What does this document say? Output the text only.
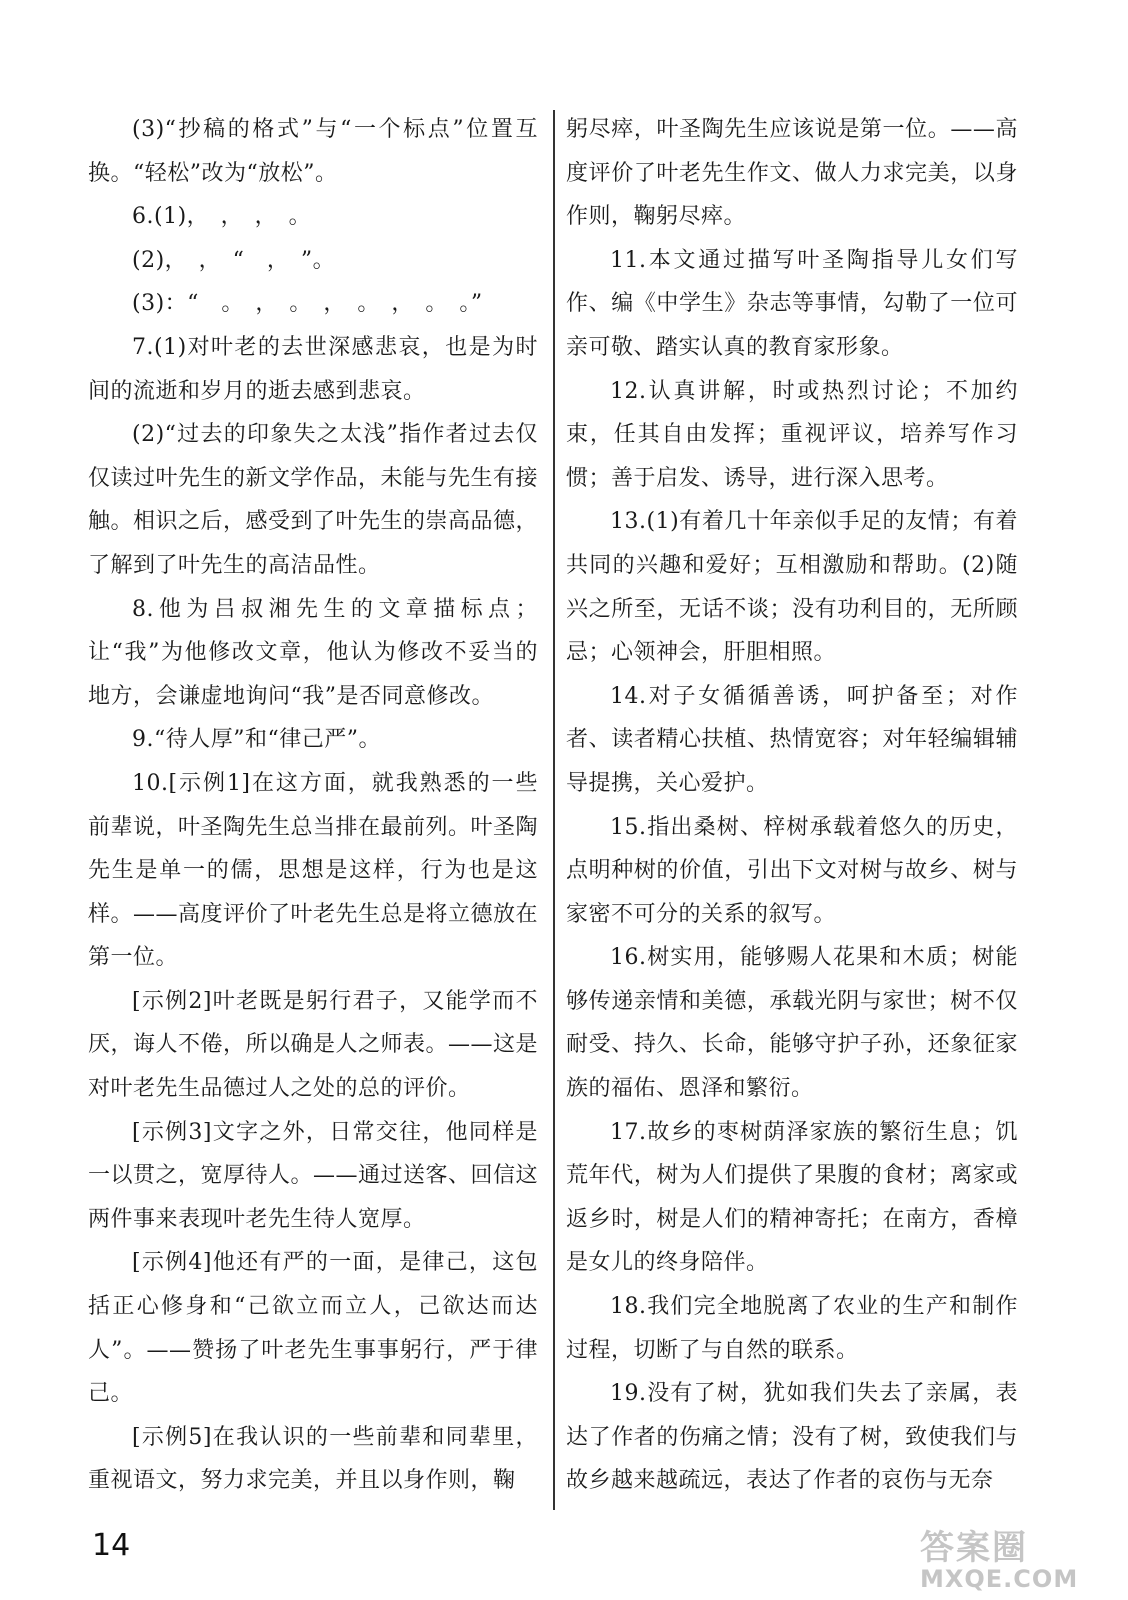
(3)“抄稿的格式”与“一个标点”位置互换。“轻松”改为“放松”。

6.(1)，　，　，　。

(2)，　，　“　，　”。

(3)：“　。　，　。　，　。　，　。　。”

7.(1)对叶老的去世深感悲哀，也是为时间的流逝和岁月的逝去感到悲哀。

(2)“过去的印象失之太浅”指作者过去仅仅读过叶先生的新文学作品，未能与先生有接触。相识之后，感受到了叶先生的崇高品德，了解到了叶先生的高洁品性。

8.他为吕叔湘先生的文章描标点；让“我”为他修改文章，他认为修改不妥当的地方，会谦虚地询问“我”是否同意修改。

9.“待人厚”和“律己严”。

10.[示例1]在这方面，就我熟悉的一些前辈说，叶圣陶先生总当排在最前列。叶圣陶先生是单一的儒，思想是这样，行为也是这样。——高度评价了叶老先生总是将立德放在第一位。

[示例2]叶老既是躬行君子，又能学而不厌，诲人不倦，所以确是人之师表。——这是对叶老先生品德过人之处的总的评价。

[示例3]文字之外，日常交往，他同样是一以贯之，宽厚待人。——通过送客、回信这两件事来表现叶老先生待人宽厚。

[示例4]他还有严的一面，是律己，这包括正心修身和“己欲立而立人，己欲达而达人”。——赞扬了叶老先生事事躬行，严于律己。

[示例5]在我认识的一些前辈和同辈里，重视语文，努力求完美，并且以身作则，鞠

躬尽瘁，叶圣陶先生应该说是第一位。——高度评价了叶老先生作文、做人力求完美，以身作则，鞠躬尽瘁。

11.本文通过描写叶圣陶指导儿女们写作、编《中学生》杂志等事情，勾勒了一位可亲可敬、踏实认真的教育家形象。

12.认真讲解，时或热烈讨论；不加约束，任其自由发挥；重视评议，培养写作习惯；善于启发、诱导，进行深入思考。

13.(1)有着几十年亲似手足的友情；有着共同的兴趣和爱好；互相激励和帮助。(2)随兴之所至，无话不谈；没有功利目的，无所顾忌；心领神会，肝胆相照。

14.对子女循循善诱，呵护备至；对作者、读者精心扶植、热情宽容；对年轻编辑辅导提携，关心爱护。

15.指出桑树、梓树承载着悠久的历史，点明种树的价值，引出下文对树与故乡、树与家密不可分的关系的叙写。

16.树实用，能够赐人花果和木质；树能够传递亲情和美德，承载光阴与家世；树不仅耐受、持久、长命，能够守护子孙，还象征家族的福佑、恩泽和繁衍。

17.故乡的枣树荫泽家族的繁衍生息；饥荒年代，树为人们提供了果腹的食材；离家或返乡时，树是人们的精神寄托；在南方，香樟是女儿的终身陪伴。

18.我们完全地脱离了农业的生产和制作过程，切断了与自然的联系。

19.没有了树，犹如我们失去了亲属，表达了作者的伤痛之情；没有了树，致使我们与故乡越来越疏远，表达了作者的哀伤与无奈

14	答案圈
MXQE.COM
